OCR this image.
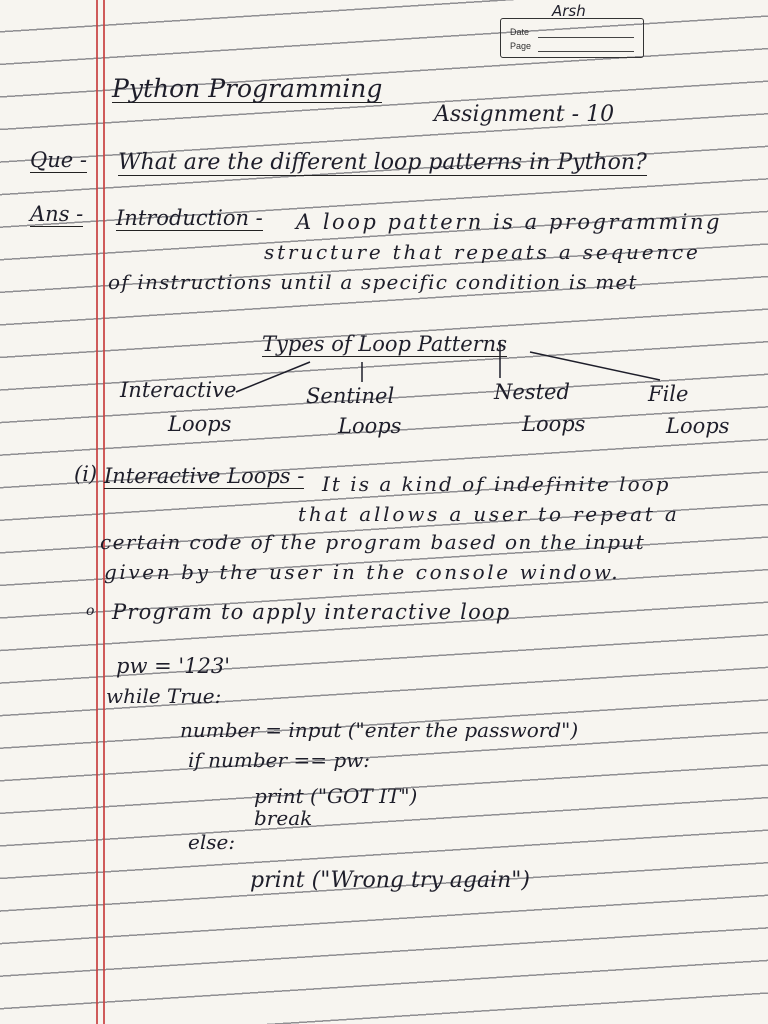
Arsh
Date
Page
Python Programming
Assignment - 10
Que - What are the different loop patterns in Python?
Ans - Introduction - A loop pattern is a programming
structure that repeats a sequence
of instructions until a specific condition is met
Types of Loop Patterns
Interactive
Loops
Sentinel
Loops
Nested
Loops
File
Loops
(i) Interactive Loops - It is a kind of indefinite loop
that allows a user to repeat a
certain code of the program based on the input
given by the user in the console window.
o Program to apply interactive loop
pw = '123'
while True:
number = input ("enter the password")
if number == pw:
print ("GOT IT")
break
else:
print ("Wrong try again")
